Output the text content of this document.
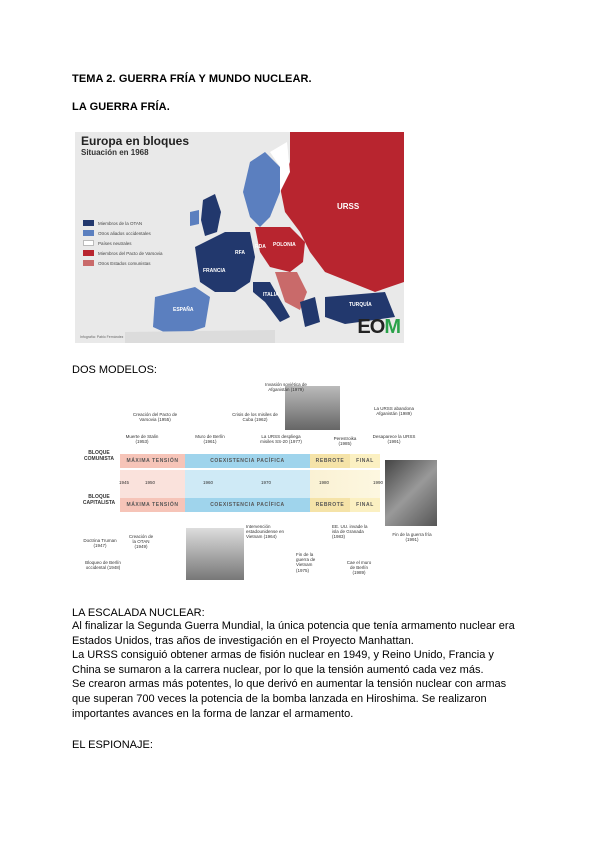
TEMA 2. GUERRA FRÍA Y MUNDO NUCLEAR.
LA GUERRA FRÍA.
Europa en bloques
Situación en 1968
Miembros de la OTAN
Otros aliados occidentales
Países neutrales
Miembros del Pacto de Varsovia
Otros Estados comunistas
URSS
POLONIA
RDA
RFA
FRANCIA
ESPAÑA
ITALIA
TURQUÍA
EOM
Infografía: Pablo Fernández
DOS MODELOS:
Invasión soviética de Afganistán (1979)
La URSS abandona Afganistán (1989)
Creación del Pacto de Varsovia (1955)
Crisis de los misiles de Cuba (1962)
Muerte de Stalin (1953)
Muro de Berlín (1961)
La URSS despliega misiles SS-20 (1977)
Perestroika (1985)
Desaparece la URSS (1991)
BLOQUE COMUNISTA
BLOQUE CAPITALISTA
MÁXIMA TENSIÓN	COEXISTENCIA PACÍFICA	REBROTE	FINAL
1945	1950	1960	1970	1980	1990
MÁXIMA TENSIÓN	COEXISTENCIA PACÍFICA	REBROTE	FINAL
Doctrina Truman (1947)
Creación de la OTAN (1949)
Bloqueo de Berlín occidental (1948)
Intervención estadounidense en Vietnam (1964)
Fin de la guerra de Vietnam (1975)
EE. UU. invade la isla de Granada (1983)
Cae el muro de Berlín (1989)
Fin de la guerra fría (1991)
LA ESCALADA NUCLEAR:
Al finalizar la Segunda Guerra Mundial, la única potencia que tenía armamento nuclear era
Estados Unidos, tras años de investigación en el Proyecto Manhattan.
La URSS consiguió obtener armas de fisión nuclear en 1949, y Reino Unido, Francia y
China se sumaron a la carrera nuclear, por lo que la tensión aumentó cada vez más.
Se crearon armas más potentes, lo que derivó en aumentar la tensión nuclear con armas
que superan 700 veces la potencia de la bomba lanzada en Hiroshima. Se realizaron
importantes avances en la forma de lanzar el armamento.
EL ESPIONAJE:
